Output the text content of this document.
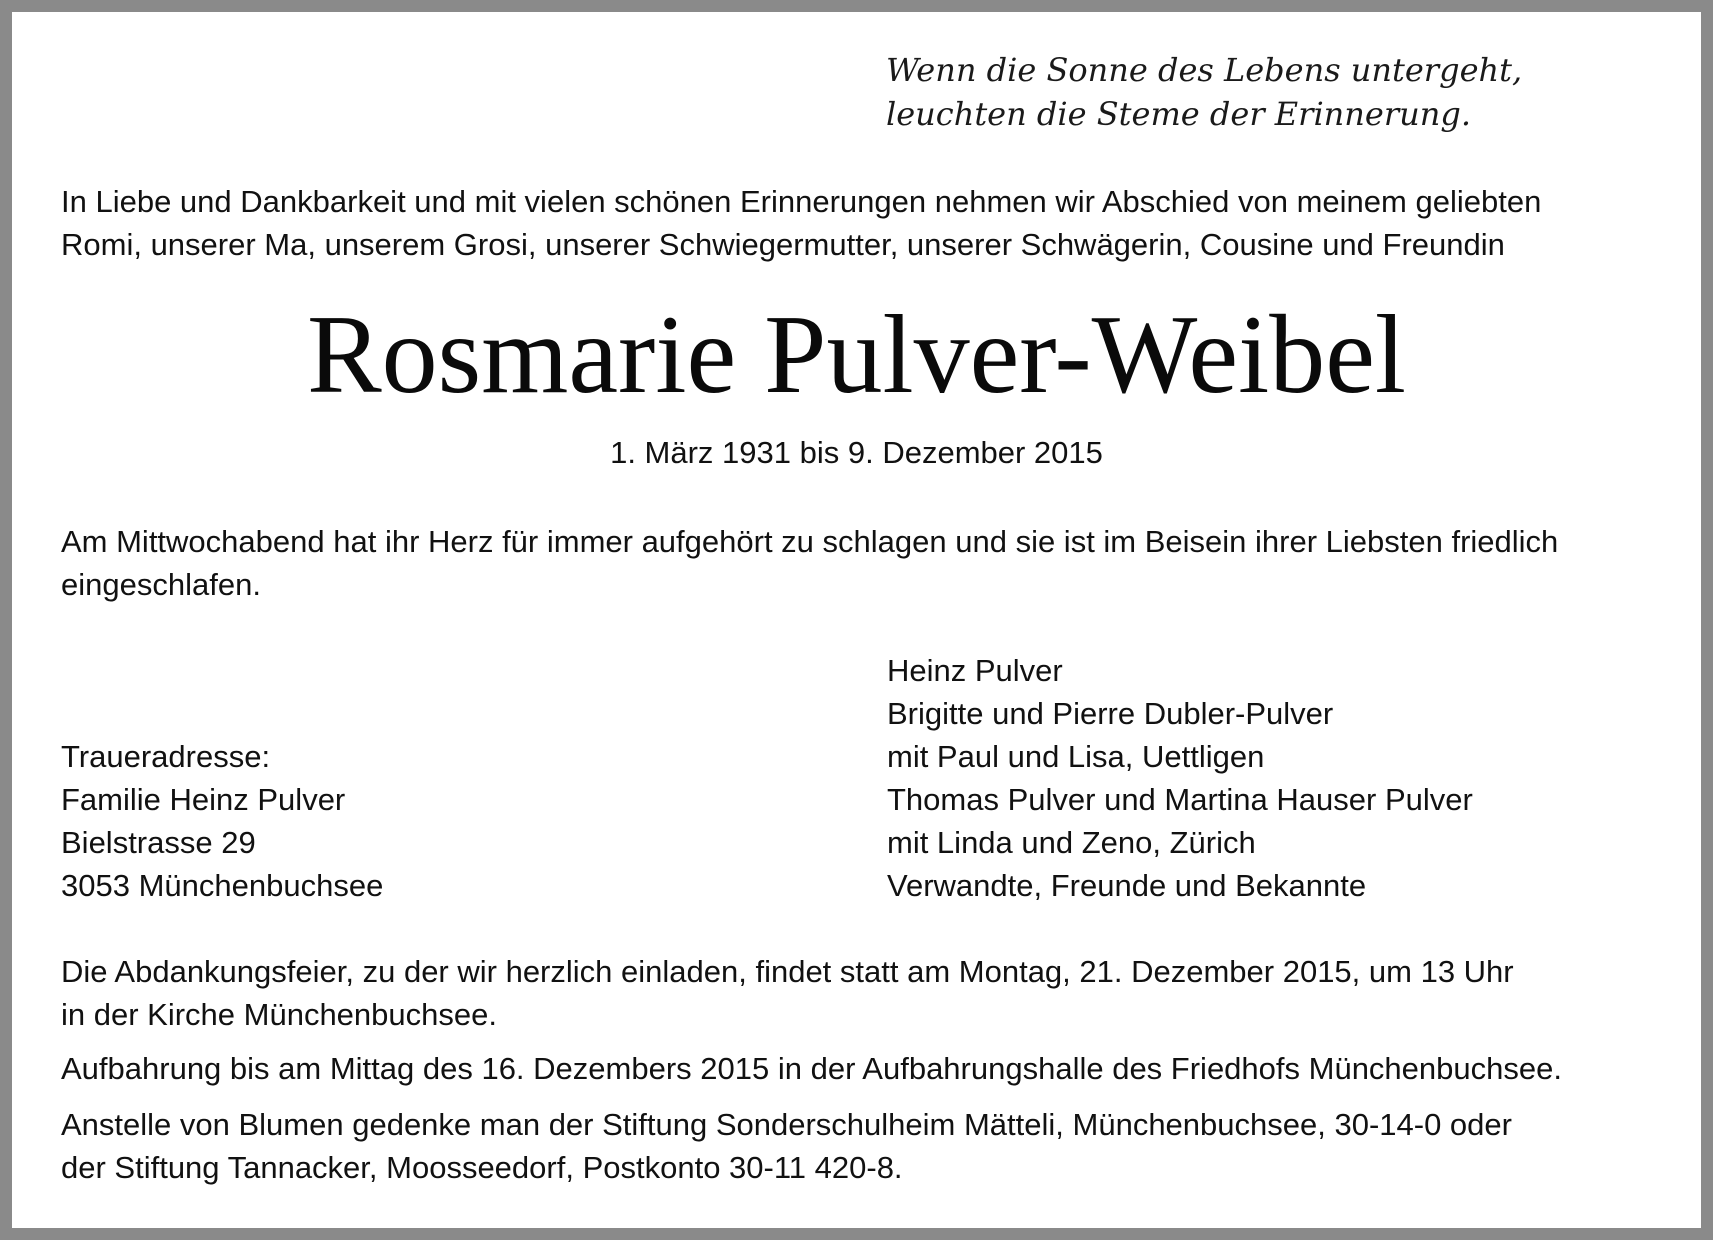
Wenn die Sonne des Lebens untergeht,
leuchten die Steme der Erinnerung.
In Liebe und Dankbarkeit und mit vielen schönen Erinnerungen nehmen wir Abschied von meinem geliebten
Romi, unserer Ma, unserem Grosi, unserer Schwiegermutter, unserer Schwägerin, Cousine und Freundin
Rosmarie Pulver-Weibel
1. März 1931 bis 9. Dezember 2015
Am Mittwochabend hat ihr Herz für immer aufgehört zu schlagen und sie ist im Beisein ihrer Liebsten friedlich
eingeschlafen.
Traueradresse:
Familie Heinz Pulver
Bielstrasse 29
3053 Münchenbuchsee
Heinz Pulver
Brigitte und Pierre Dubler-Pulver
mit Paul und Lisa, Uettligen
Thomas Pulver und Martina Hauser Pulver
mit Linda und Zeno, Zürich
Verwandte, Freunde und Bekannte
Die Abdankungsfeier, zu der wir herzlich einladen, findet statt am Montag, 21. Dezember 2015, um 13 Uhr
in der Kirche Münchenbuchsee.
Aufbahrung bis am Mittag des 16. Dezembers 2015 in der Aufbahrungshalle des Friedhofs Münchenbuchsee.
Anstelle von Blumen gedenke man der Stiftung Sonderschulheim Mätteli, Münchenbuchsee, 30-14-0 oder
der Stiftung Tannacker, Moosseedorf, Postkonto 30-11 420-8.
